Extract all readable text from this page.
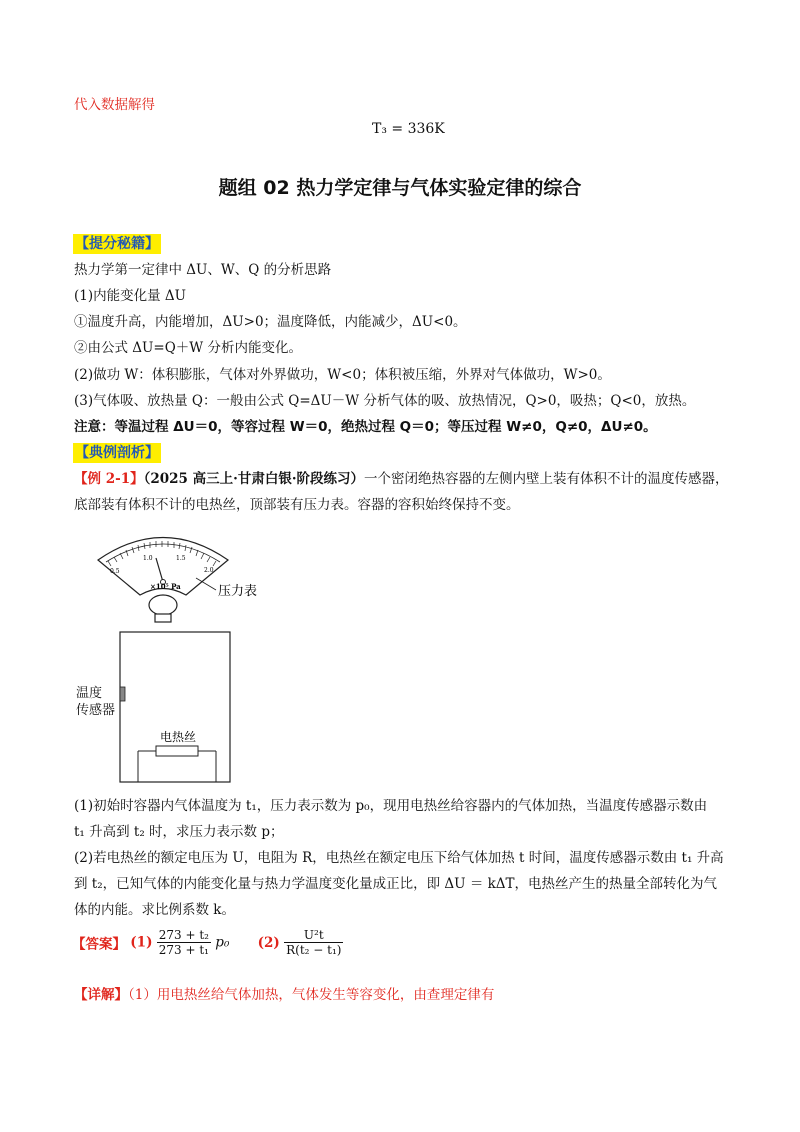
代入数据解得
T₃ = 336K
题组 02 热力学定律与气体实验定律的综合
【提分秘籍】
热力学第一定律中 ΔU、W、Q 的分析思路
(1)内能变化量 ΔU
①温度升高，内能增加，ΔU>0；温度降低，内能减少，ΔU<0。
②由公式 ΔU=Q＋W 分析内能变化。
(2)做功 W：体积膨胀，气体对外界做功，W<0；体积被压缩，外界对气体做功，W>0。
(3)气体吸、放热量 Q：一般由公式 Q=ΔU－W 分析气体的吸、放热情况，Q>0，吸热；Q<0，放热。
注意：等温过程 ΔU＝0，等容过程 W＝0，绝热过程 Q＝0；等压过程 W≠0，Q≠0，ΔU≠0。
【典例剖析】
【例 2-1】（2025 高三上·甘肃白银·阶段练习）一个密闭绝热容器的左侧内壁上装有体积不计的温度传感器，
底部装有体积不计的电热丝，顶部装有压力表。容器的容积始终保持不变。
0.5
1.0	1.5
2.0
×10⁵ Pa	压力表
电热丝
温度
传感器
(1)初始时容器内气体温度为 t₁，压力表示数为 p₀，现用电热丝给容器内的气体加热，当温度传感器示数由
t₁ 升高到 t₂ 时，求压力表示数 p；
(2)若电热丝的额定电压为 U，电阻为 R，电热丝在额定电压下给气体加热 t 时间，温度传感器示数由 t₁ 升高
到 t₂，已知气体的内能变化量与热力学温度变化量成正比，即 ΔU ＝ kΔT，电热丝产生的热量全部转化为气
体的内能。求比例系数 k。
【答案】 $(1) \frac{\text{273 + t₂}}{\text{273 + t₁}} p_0$ $(2) \frac{\text{U²t}}{\text{R(t₂ − t₁)}}$
【详解】（1）用电热丝给气体加热，气体发生等容变化，由查理定律有
